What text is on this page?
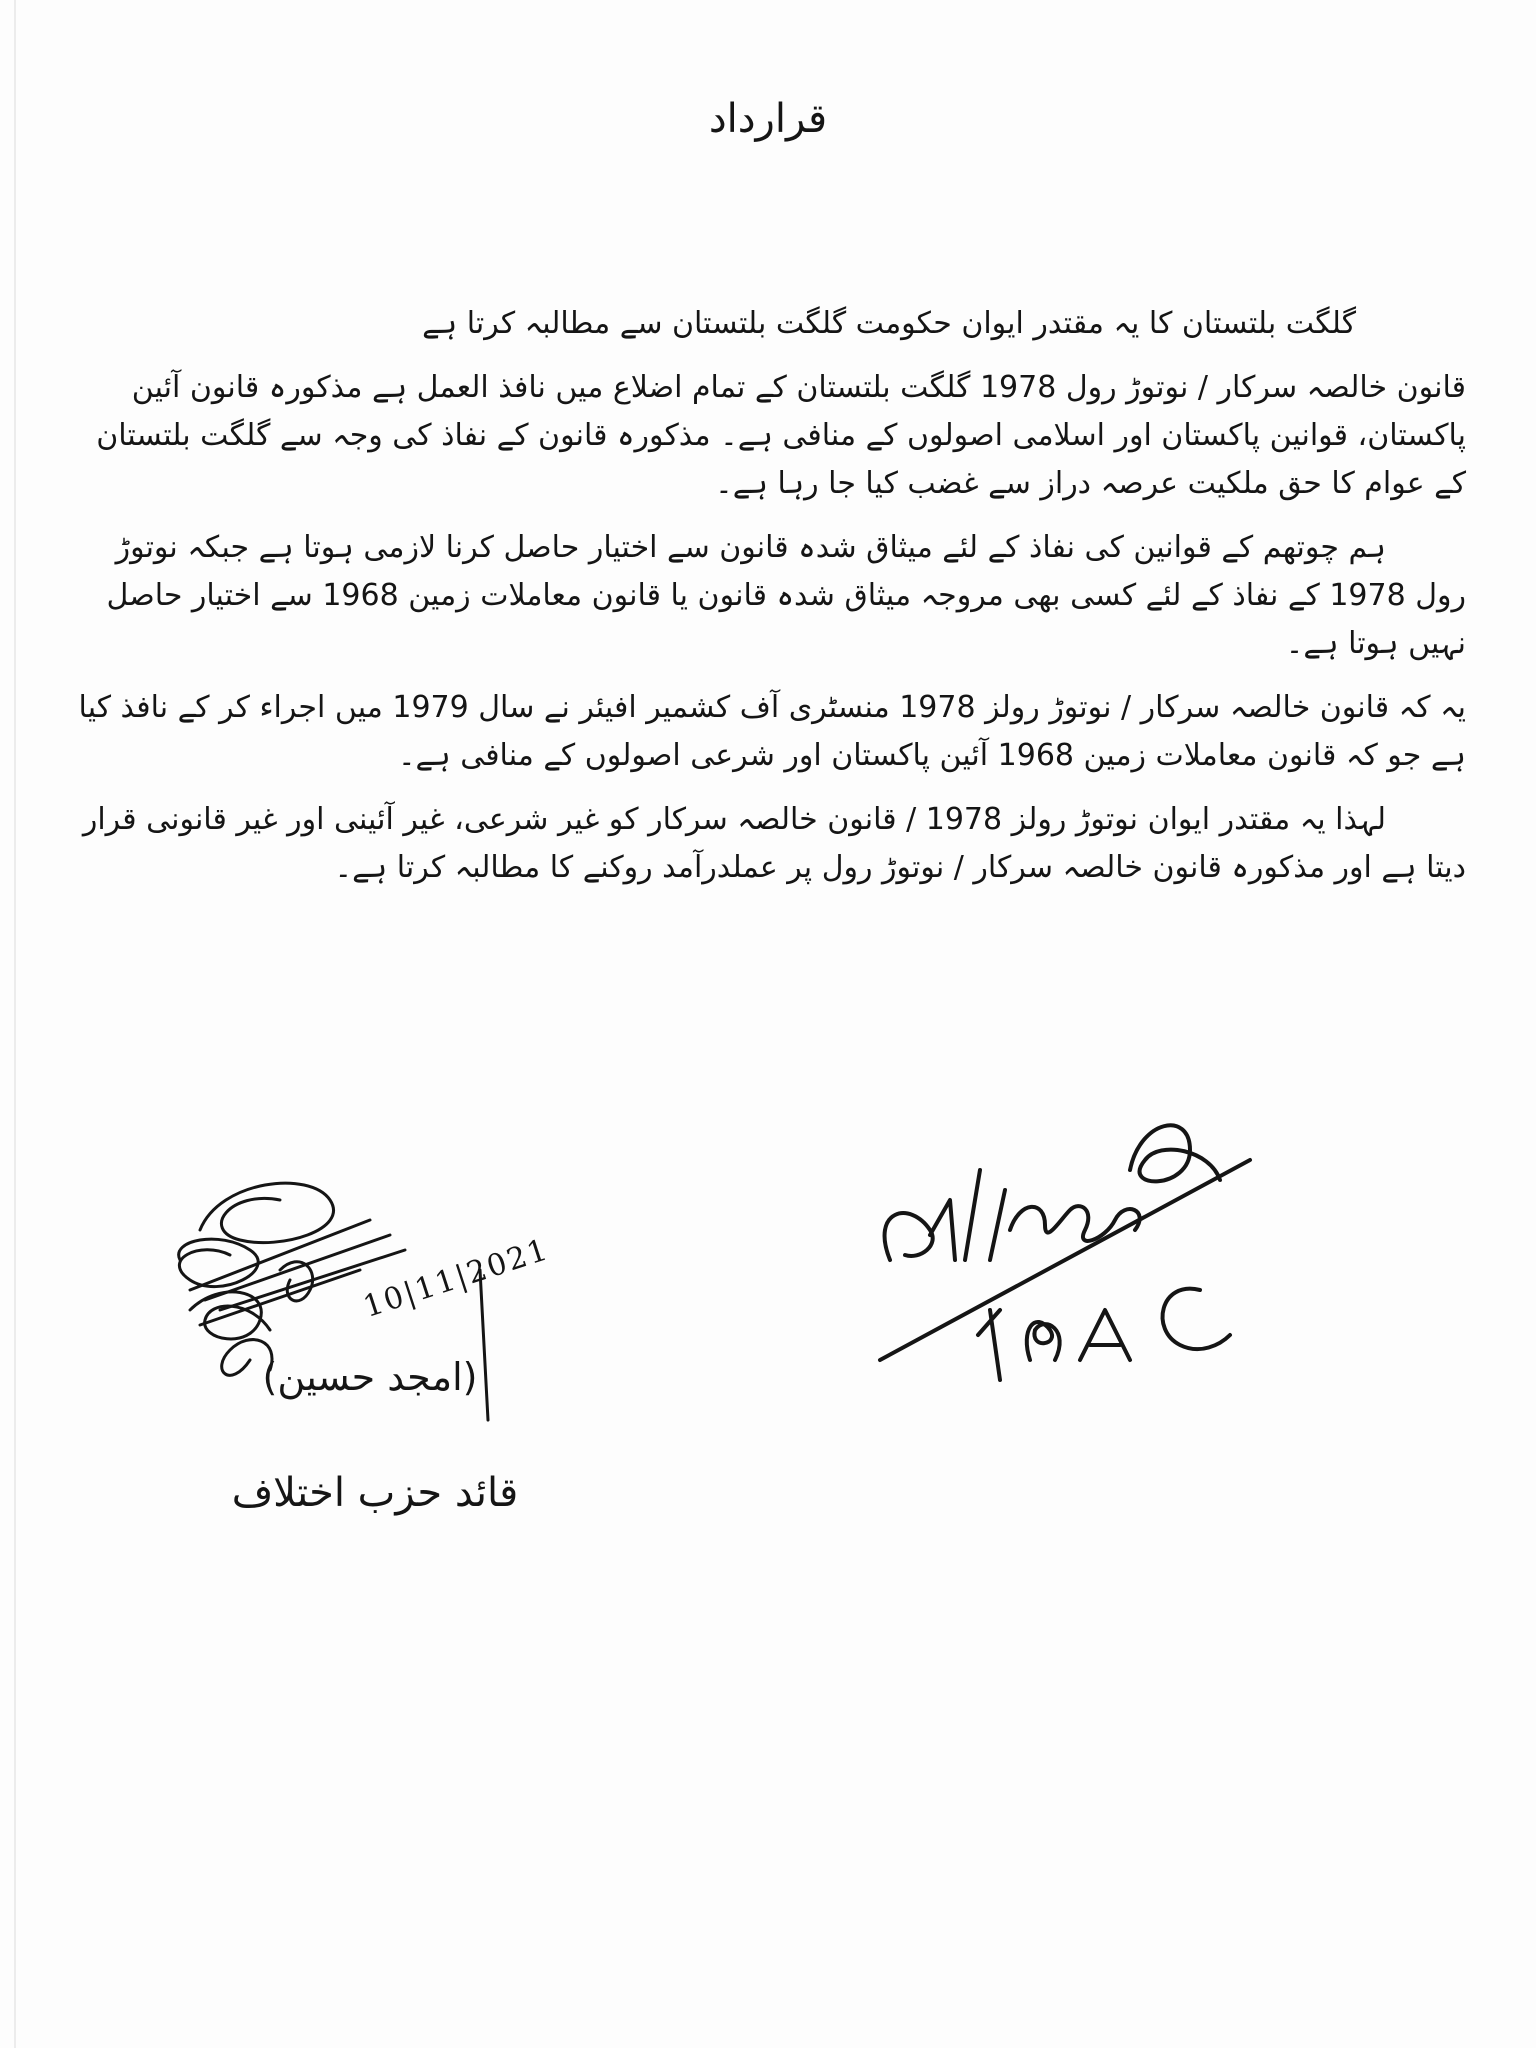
قرارداد

گلگت بلتستان کا یہ مقتدر ایوان حکومت گلگت بلتستان سے مطالبہ کرتا ہے

قانون خالصہ سرکار / نوتوڑ رول 1978 گلگت بلتستان کے تمام اضلاع میں نافذ العمل ہے مذکورہ قانون آئین پاکستان، قوانین پاکستان اور اسلامی اصولوں کے منافی ہے۔ مذکورہ قانون کے نفاذ کی وجہ سے گلگت بلتستان کے عوام کا حق ملکیت عرصہ دراز سے غضب کیا جا رہا ہے۔

ہم چوتھم کے قوانین کی نفاذ کے لئے میثاق شدہ قانون سے اختیار حاصل کرنا لازمی ہوتا ہے جبکہ نوتوڑ رول 1978 کے نفاذ کے لئے کسی بھی مروجہ میثاق شدہ قانون یا قانون معاملات زمین 1968 سے اختیار حاصل نہیں ہوتا ہے۔

یہ کہ قانون خالصہ سرکار / نوتوڑ رولز 1978 منسٹری آف کشمیر افیئر نے سال 1979 میں اجراء کر کے نافذ کیا ہے جو کہ قانون معاملات زمین 1968 آئین پاکستان اور شرعی اصولوں کے منافی ہے۔

لہذا یہ مقتدر ایوان نوتوڑ رولز 1978 / قانون خالصہ سرکار کو غیر شرعی، غیر آئینی اور غیر قانونی قرار دیتا ہے اور مذکورہ قانون خالصہ سرکار / نوتوڑ رول پر عملدرآمد روکنے کا مطالبہ کرتا ہے۔

10|11|2021
(امجد حسین)
قائد حزب اختلاف
Ahmed
